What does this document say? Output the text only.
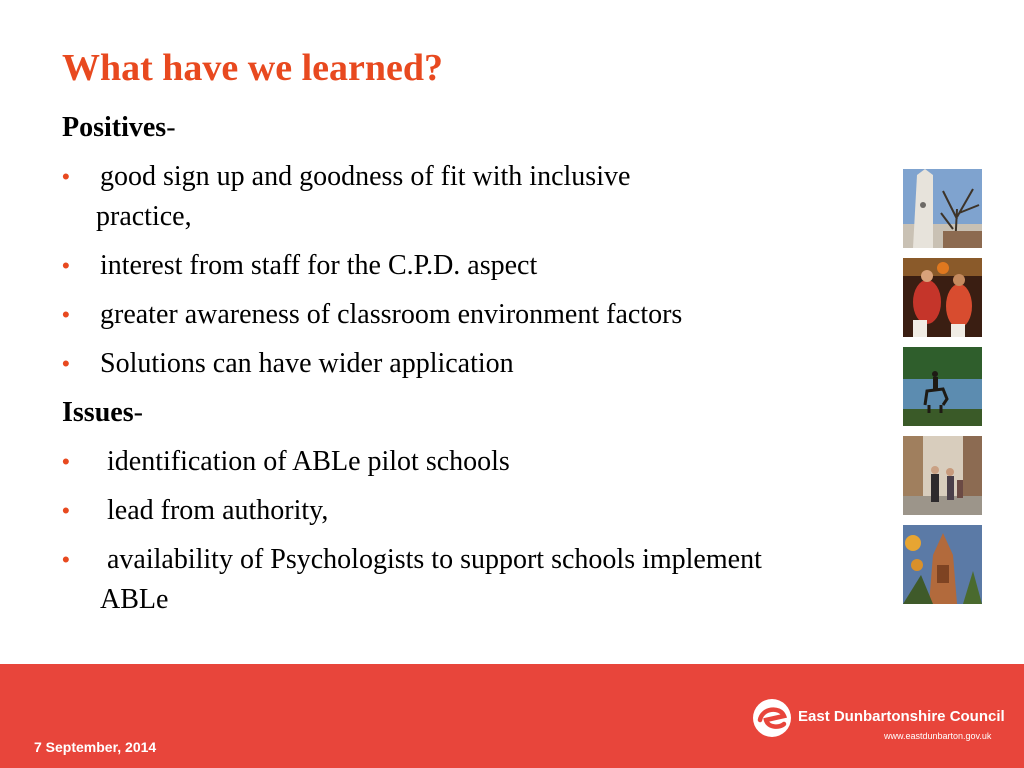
What have we learned?
Positives-
•	good sign up and goodness of fit with inclusive
practice,
•	interest from staff for the C.P.D. aspect
•	greater awareness of classroom environment factors
•	Solutions can have wider application
Issues-
•	identification of ABLe pilot schools
•	lead from authority,
•	availability of Psychologists to support schools implement  ABLe
7 September, 2014
East Dunbartonshire Council
www.eastdunbarton.gov.uk
